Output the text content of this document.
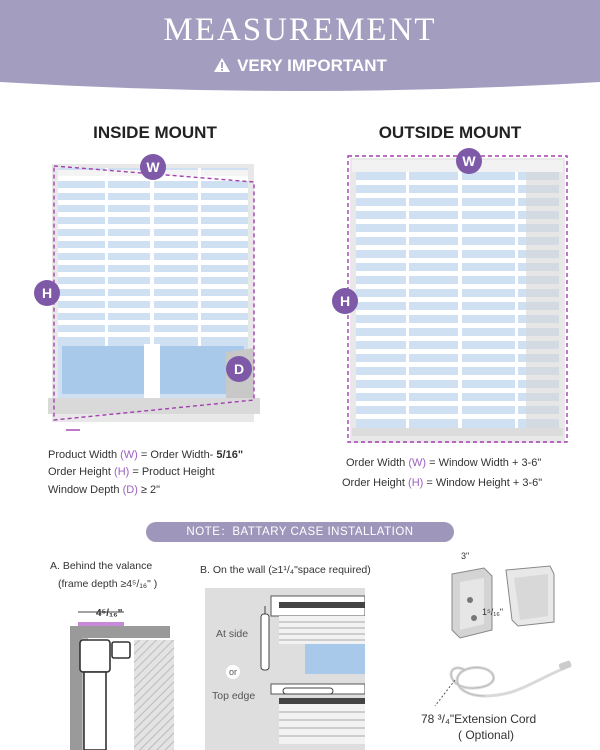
MEASUREMENT
VERY IMPORTANT
INSIDE MOUNT
W
H
D
Product Width (W) = Order Width- 5/16"
Order Height (H) = Product Height
Window Depth (D) ≥ 2"
OUTSIDE MOUNT
W
H
Order Width (W) = Window Width + 3-6"
Order Height (H) = Window Height + 3-6"
NOTE：BATTARY CASE INSTALLATION
A. Behind the valance
(frame depth ≥4⁵/₁₆" )
4⁵/₁₆"
B. On the wall (≥1¹/₄"space required)
At side
or
Top edge
3"
1⁵/₁₆"
78 ³/₄"Extension Cord
( Optional)
